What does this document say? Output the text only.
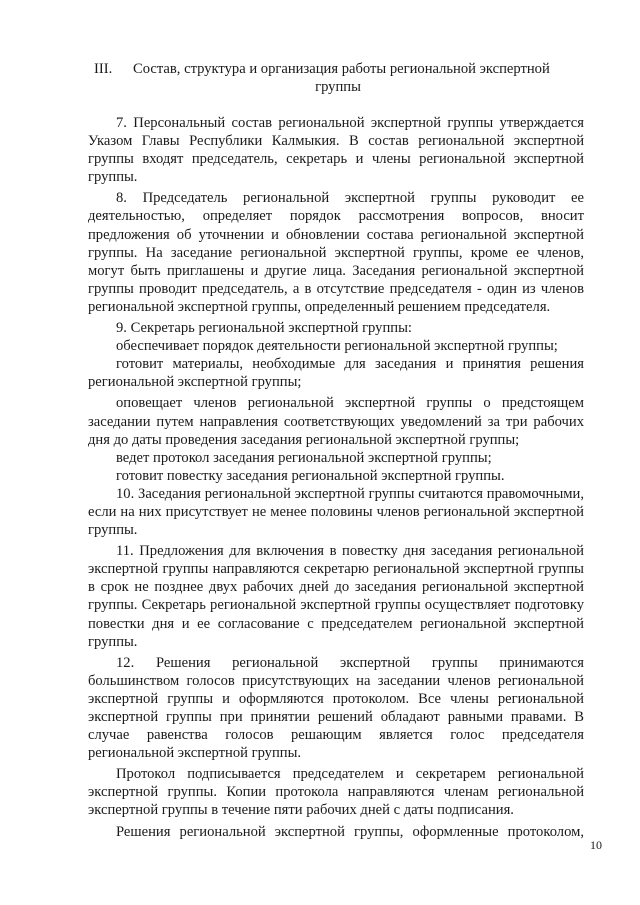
III. Состав, структура и организация работы региональной экспертной
группы

7. Персональный состав региональной экспертной группы утверждается Указом Главы Республики Калмыкия. В состав региональной экспертной группы входят председатель, секретарь и члены региональной экспертной группы.

8. Председатель региональной экспертной группы руководит ее деятельностью, определяет порядок рассмотрения вопросов, вносит предложения об уточнении и обновлении состава региональной экспертной группы. На заседание региональной экспертной группы, кроме ее членов, могут быть приглашены и другие лица. Заседания региональной экспертной группы проводит председатель, а в отсутствие председателя - один из членов региональной экспертной группы, определенный решением председателя.

9. Секретарь региональной экспертной группы:

обеспечивает порядок деятельности региональной экспертной группы;

готовит материалы, необходимые для заседания и принятия решения региональной экспертной группы;

оповещает членов региональной экспертной группы о предстоящем заседании путем направления соответствующих уведомлений за три рабочих дня до даты проведения заседания региональной экспертной группы;

ведет протокол заседания региональной экспертной группы;

готовит повестку заседания региональной экспертной группы.

10. Заседания региональной экспертной группы считаются правомочными, если на них присутствует не менее половины членов региональной экспертной группы.

11. Предложения для включения в повестку дня заседания региональной экспертной группы направляются секретарю региональной экспертной группы в срок не позднее двух рабочих дней до заседания региональной экспертной группы. Секретарь региональной экспертной группы осуществляет подготовку повестки дня и ее согласование с председателем региональной экспертной группы.

12. Решения региональной экспертной группы принимаются большинством голосов присутствующих на заседании членов региональной экспертной группы и оформляются протоколом. Все члены региональной экспертной группы при принятии решений обладают равными правами. В случае равенства голосов решающим является голос председателя региональной экспертной группы.

Протокол подписывается председателем и секретарем региональной экспертной группы. Копии протокола направляются членам региональной экспертной группы в течение пяти рабочих дней с даты подписания.

Решения региональной экспертной группы, оформленные протоколом,

10
